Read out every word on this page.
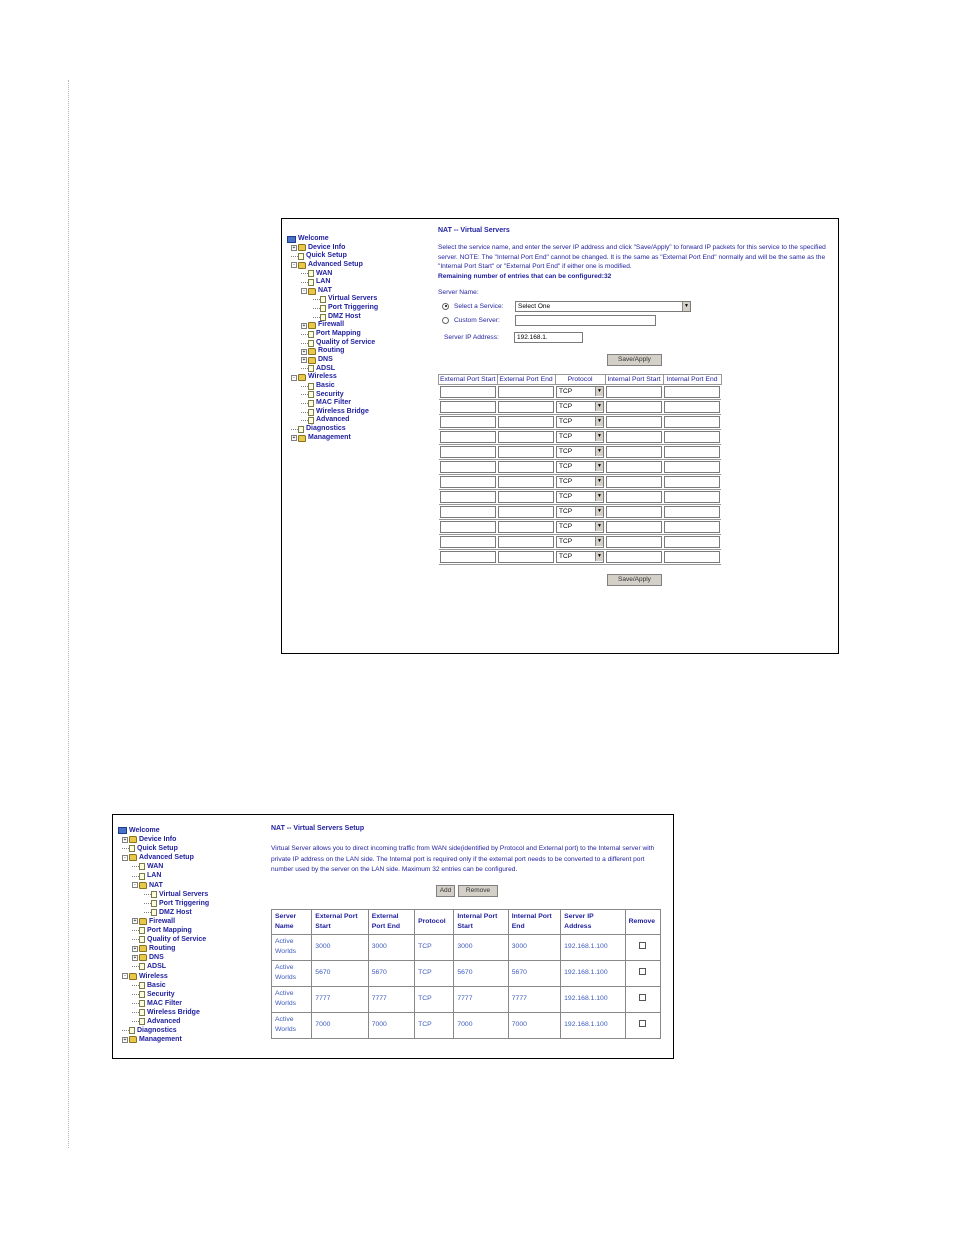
Welcome
+ Device Info
Quick Setup
-	Advanced Setup
WAN
LAN
-	NAT
Virtual Servers
Port Triggering
DMZ Host
+ Firewall
Port Mapping
Quality of Service
+ Routing
+ DNS
ADSL
-	Wireless
Basic
Security
MAC Filter
Wireless Bridge
Advanced
Diagnostics
+ Management
NAT -- Virtual Servers
Select the service name, and enter the server IP address and click "Save/Apply" to forward IP packets for this service to the specified server. NOTE: The "Internal Port End" cannot be changed. It is the same as "External Port End" normally and will be the same as the "Internal Port Start" or "External Port End" if either one is modified.
Remaining number of entries that can be configured:32
Server Name:
Select a Service:	Select One	▼
Custom Server:
Server IP Address:	192.168.1.
Save/Apply
External Port Start	External Port End	Protocol	Internal Port Start	Internal Port End
		TCP ▼		

		TCP ▼		

		TCP ▼		

		TCP ▼		

		TCP ▼		

		TCP ▼		

		TCP ▼		

		TCP ▼		

		TCP ▼		

		TCP ▼		

		TCP ▼		

		TCP ▼		

Save/Apply
Welcome
+ Device Info
Quick Setup
-	Advanced Setup
WAN
LAN
-	NAT
Virtual Servers
Port Triggering
DMZ Host
+ Firewall
Port Mapping
Quality of Service
+ Routing
+ DNS
ADSL
-	Wireless
Basic
Security
MAC Filter
Wireless Bridge
Advanced
Diagnostics
+ Management
NAT -- Virtual Servers Setup
Virtual Server allows you to direct incoming traffic from WAN side(identified by Protocol and External port) to the Internal server with private IP address on the LAN side. The Internal port is required only if the external port needs to be converted to a different port number used by the server on the LAN side. Maximum 32 entries can be configured.
Add	Remove
Server Name	External Port Start	External Port End	Protocol	Internal Port Start	Internal Port End	Server IP Address	Remove
Active Worlds	3000	3000	TCP	3000	3000	192.168.1.100	
Active Worlds	5670	5670	TCP	5670	5670	192.168.1.100	
Active Worlds	7777	7777	TCP	7777	7777	192.168.1.100	
Active Worlds	7000	7000	TCP	7000	7000	192.168.1.100	
